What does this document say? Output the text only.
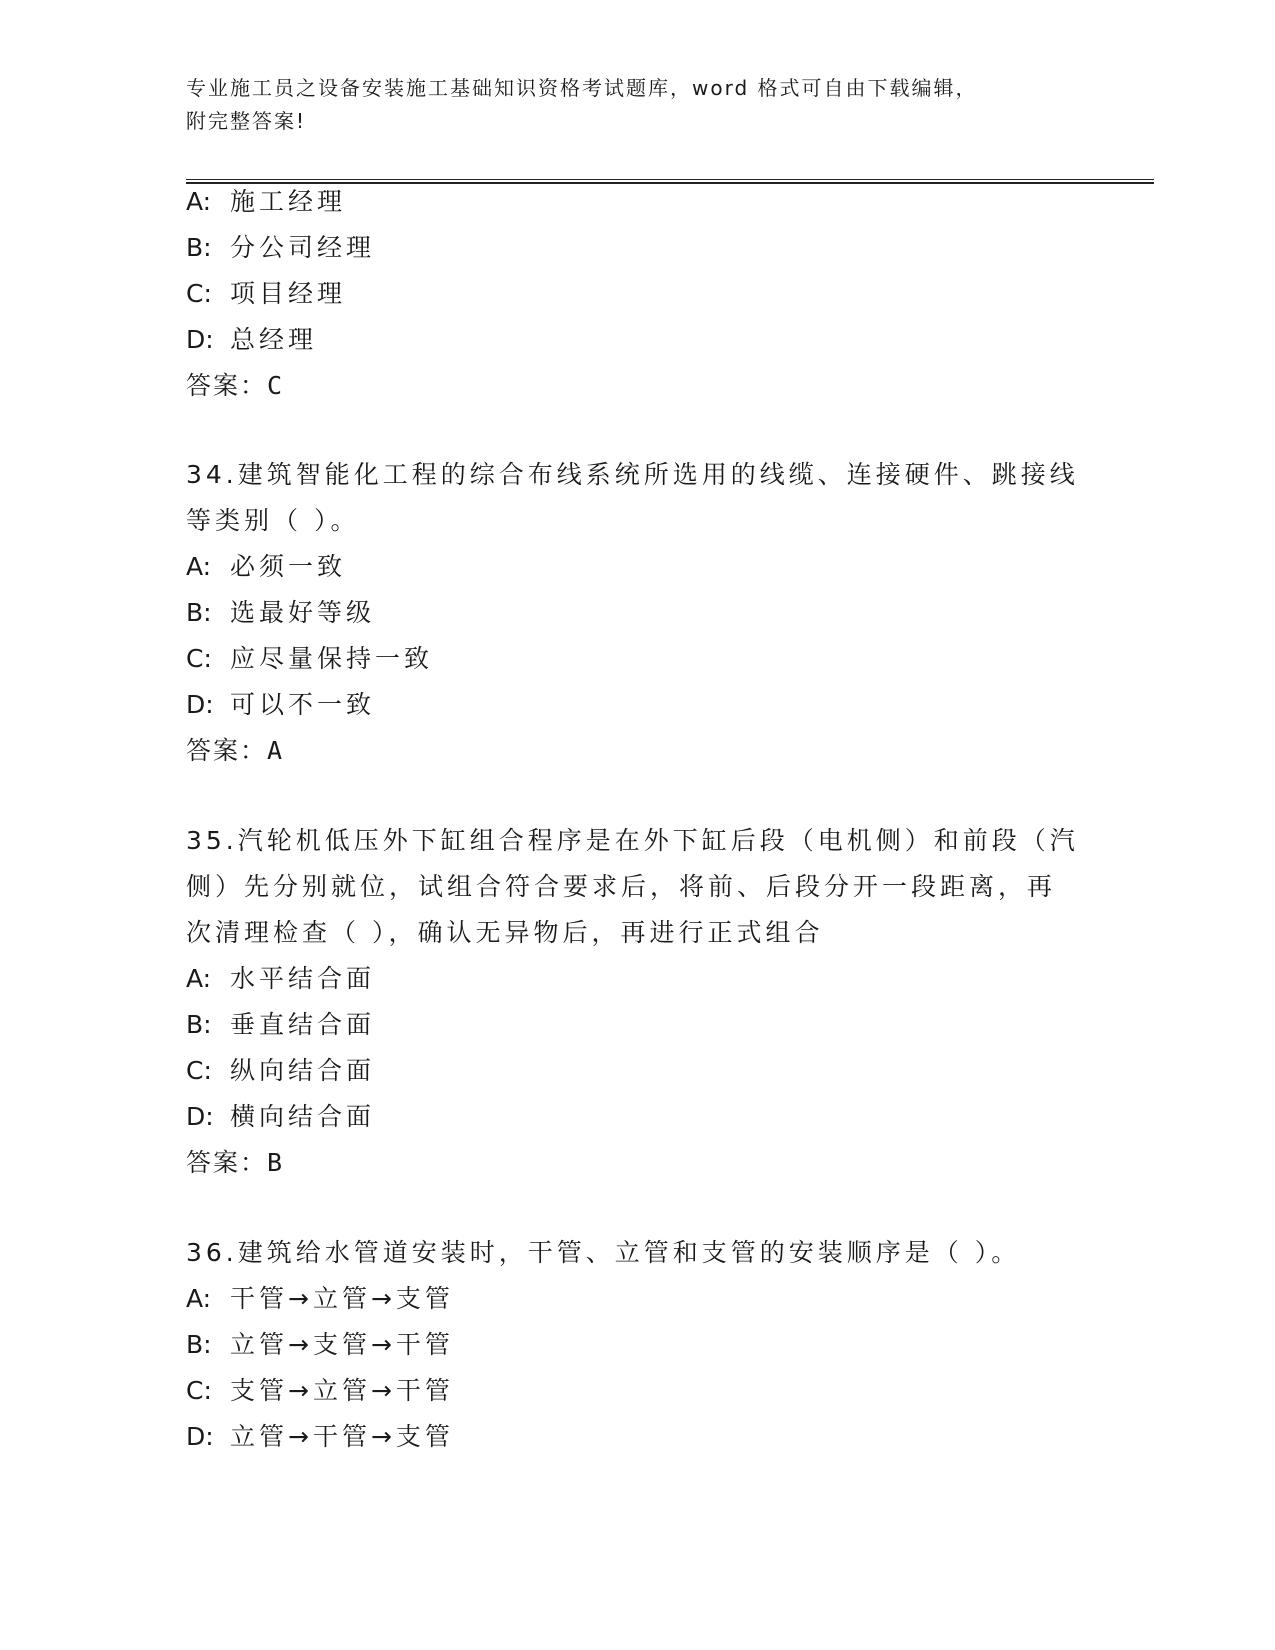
专业施工员之设备安装施工基础知识资格考试题库，word 格式可自由下载编辑，
附完整答案!
A: 施工经理
B: 分公司经理
C: 项目经理
D: 总经理
答案：C
34.建筑智能化工程的综合布线系统所选用的线缆、连接硬件、跳接线
等类别（ ）。
A: 必须一致
B: 选最好等级
C: 应尽量保持一致
D: 可以不一致
答案：A
35.汽轮机低压外下缸组合程序是在外下缸后段（电机侧）和前段（汽
侧）先分别就位，试组合符合要求后，将前、后段分开一段距离，再
次清理检查（ ），确认无异物后，再进行正式组合
A: 水平结合面
B: 垂直结合面
C: 纵向结合面
D: 横向结合面
答案：B
36.建筑给水管道安装时，干管、立管和支管的安装顺序是（ ）。
A: 干管→立管→支管
B: 立管→支管→干管
C: 支管→立管→干管
D: 立管→干管→支管
